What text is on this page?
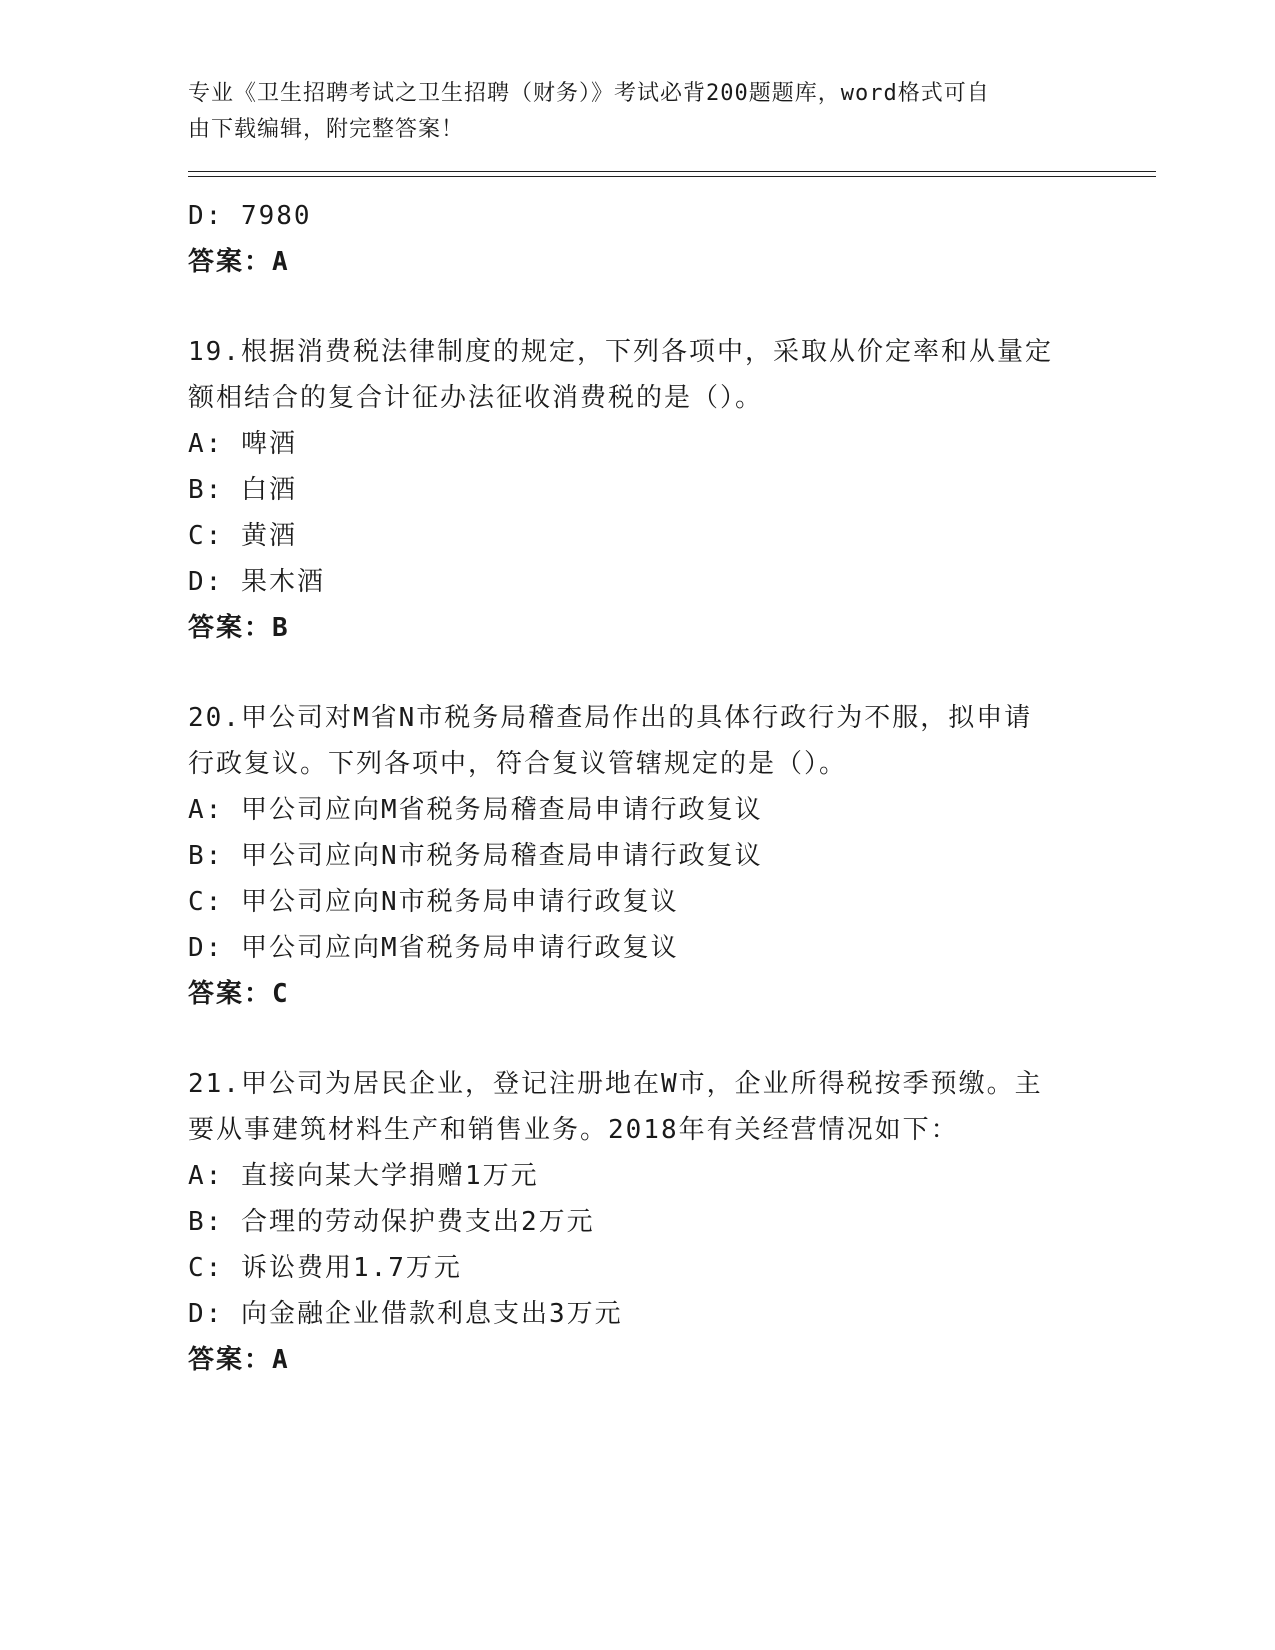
专业《卫生招聘考试之卫生招聘（财务）》考试必背200题题库，word格式可自
由下载编辑，附完整答案！
D: 7980
答案：A
19.根据消费税法律制度的规定，下列各项中，采取从价定率和从量定
额相结合的复合计征办法征收消费税的是（）。
A: 啤酒
B: 白酒
C: 黄酒
D: 果木酒
答案：B
20.甲公司对M省N市税务局稽查局作出的具体行政行为不服，拟申请
行政复议。下列各项中，符合复议管辖规定的是（）。
A: 甲公司应向M省税务局稽查局申请行政复议
B: 甲公司应向N市税务局稽查局申请行政复议
C: 甲公司应向N市税务局申请行政复议
D: 甲公司应向M省税务局申请行政复议
答案：C
21.甲公司为居民企业，登记注册地在W市，企业所得税按季预缴。主
要从事建筑材料生产和销售业务。2018年有关经营情况如下：
A: 直接向某大学捐赠1万元
B: 合理的劳动保护费支出2万元
C: 诉讼费用1.7万元
D: 向金融企业借款利息支出3万元
答案：A
